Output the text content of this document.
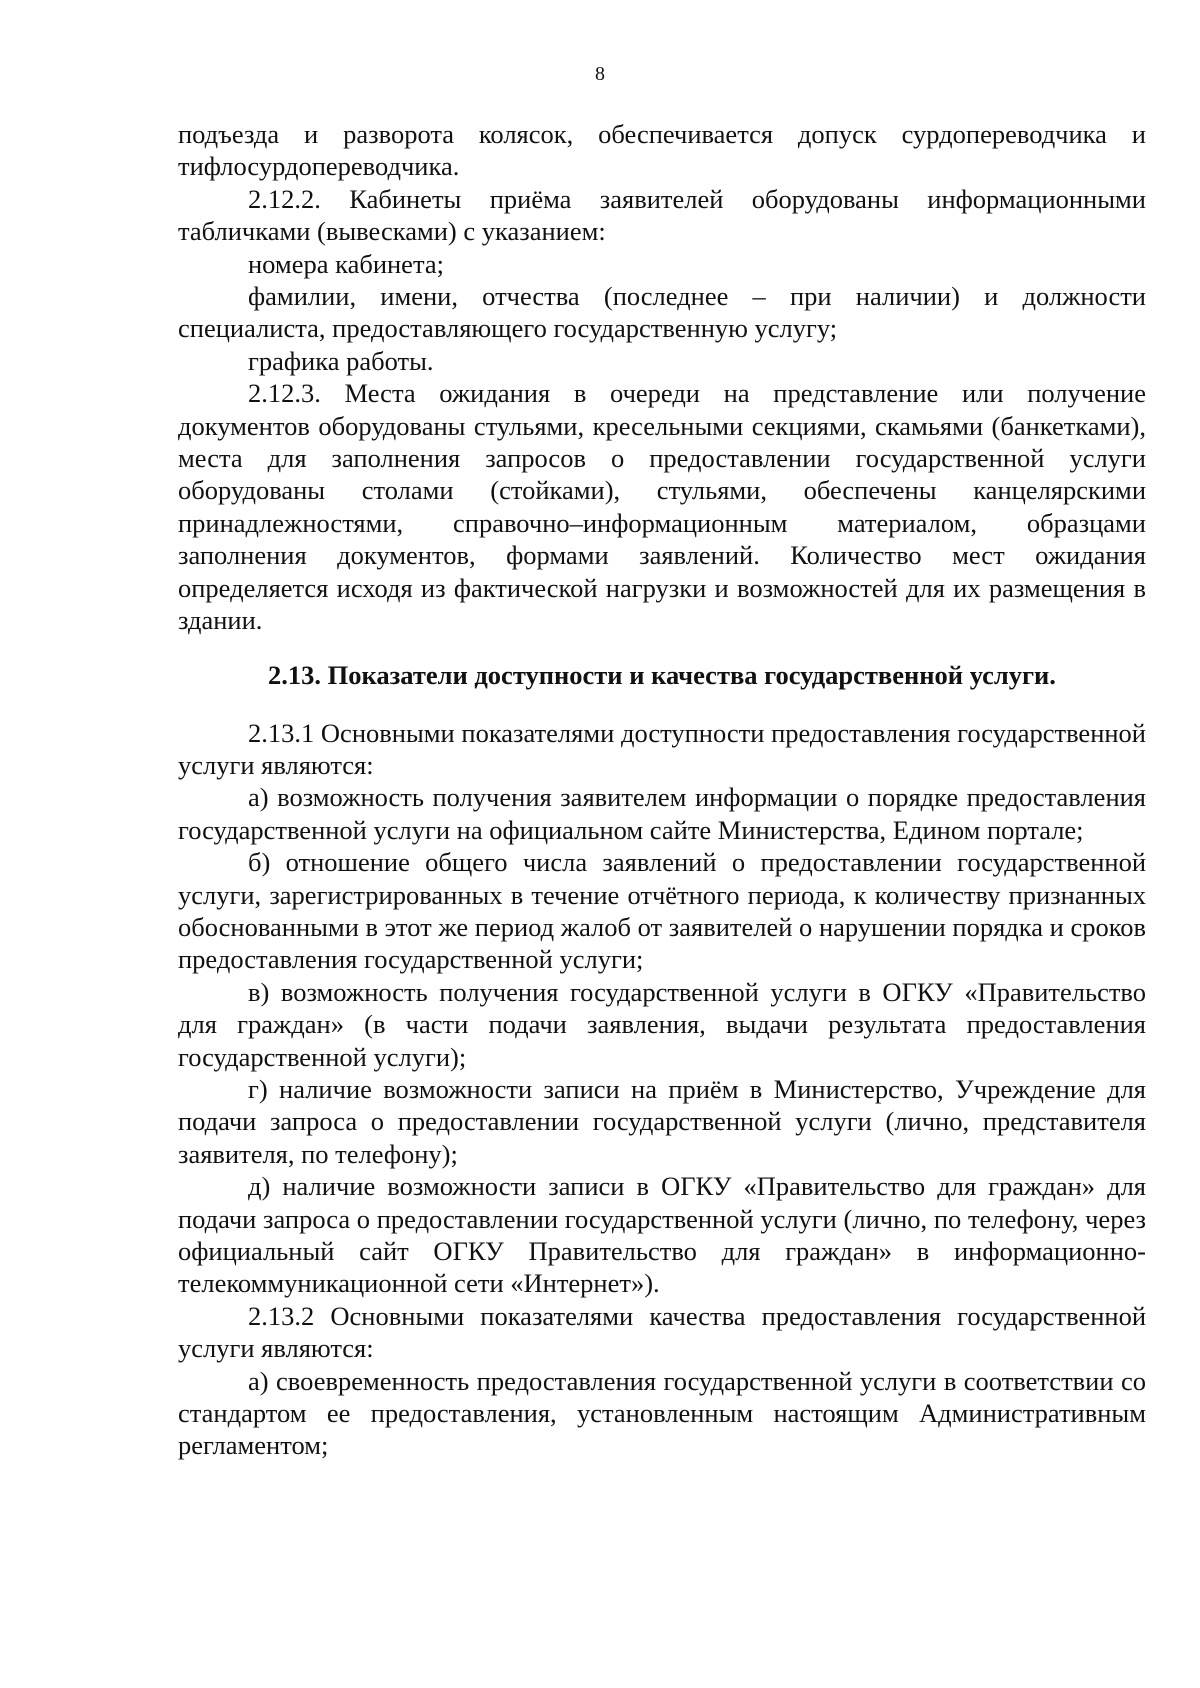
8

подъезда и разворота колясок, обеспечивается допуск сурдопереводчика и тифлосурдопереводчика.

2.12.2. Кабинеты приёма заявителей оборудованы информационными табличками (вывесками) с указанием:

номера кабинета;

фамилии, имени, отчества (последнее – при наличии) и должности специалиста, предоставляющего государственную услугу;

графика работы.

2.12.3. Места ожидания в очереди на представление или получение документов оборудованы стульями, кресельными секциями, скамьями (банкетками), места для заполнения запросов о предоставлении государственной услуги оборудованы столами (стойками), стульями, обеспечены канцелярскими принадлежностями, справочно–информационным материалом, образцами заполнения документов, формами заявлений. Количество мест ожидания определяется исходя из фактической нагрузки и возможностей для их размещения в здании.

2.13. Показатели доступности и качества государственной услуги.

2.13.1 Основными показателями доступности предоставления государственной услуги являются:

а) возможность получения заявителем информации о порядке предоставления государственной услуги на официальном сайте Министерства, Едином портале;

б) отношение общего числа заявлений о предоставлении государственной услуги, зарегистрированных в течение отчётного периода, к количеству признанных обоснованными в этот же период жалоб от заявителей о нарушении порядка и сроков предоставления государственной услуги;

в) возможность получения государственной услуги в ОГКУ «Правительство для граждан» (в части подачи заявления, выдачи результата предоставления государственной услуги);

г) наличие возможности записи на приём в Министерство, Учреждение для подачи запроса о предоставлении государственной услуги (лично, представителя заявителя, по телефону);

д) наличие возможности записи в ОГКУ «Правительство для граждан» для подачи запроса о предоставлении государственной услуги (лично, по телефону, через официальный сайт ОГКУ Правительство для граждан» в информационно-телекоммуникационной сети «Интернет»).

2.13.2 Основными показателями качества предоставления государственной услуги являются:

а) своевременность предоставления государственной услуги в соответствии со стандартом ее предоставления, установленным настоящим Административным регламентом;
